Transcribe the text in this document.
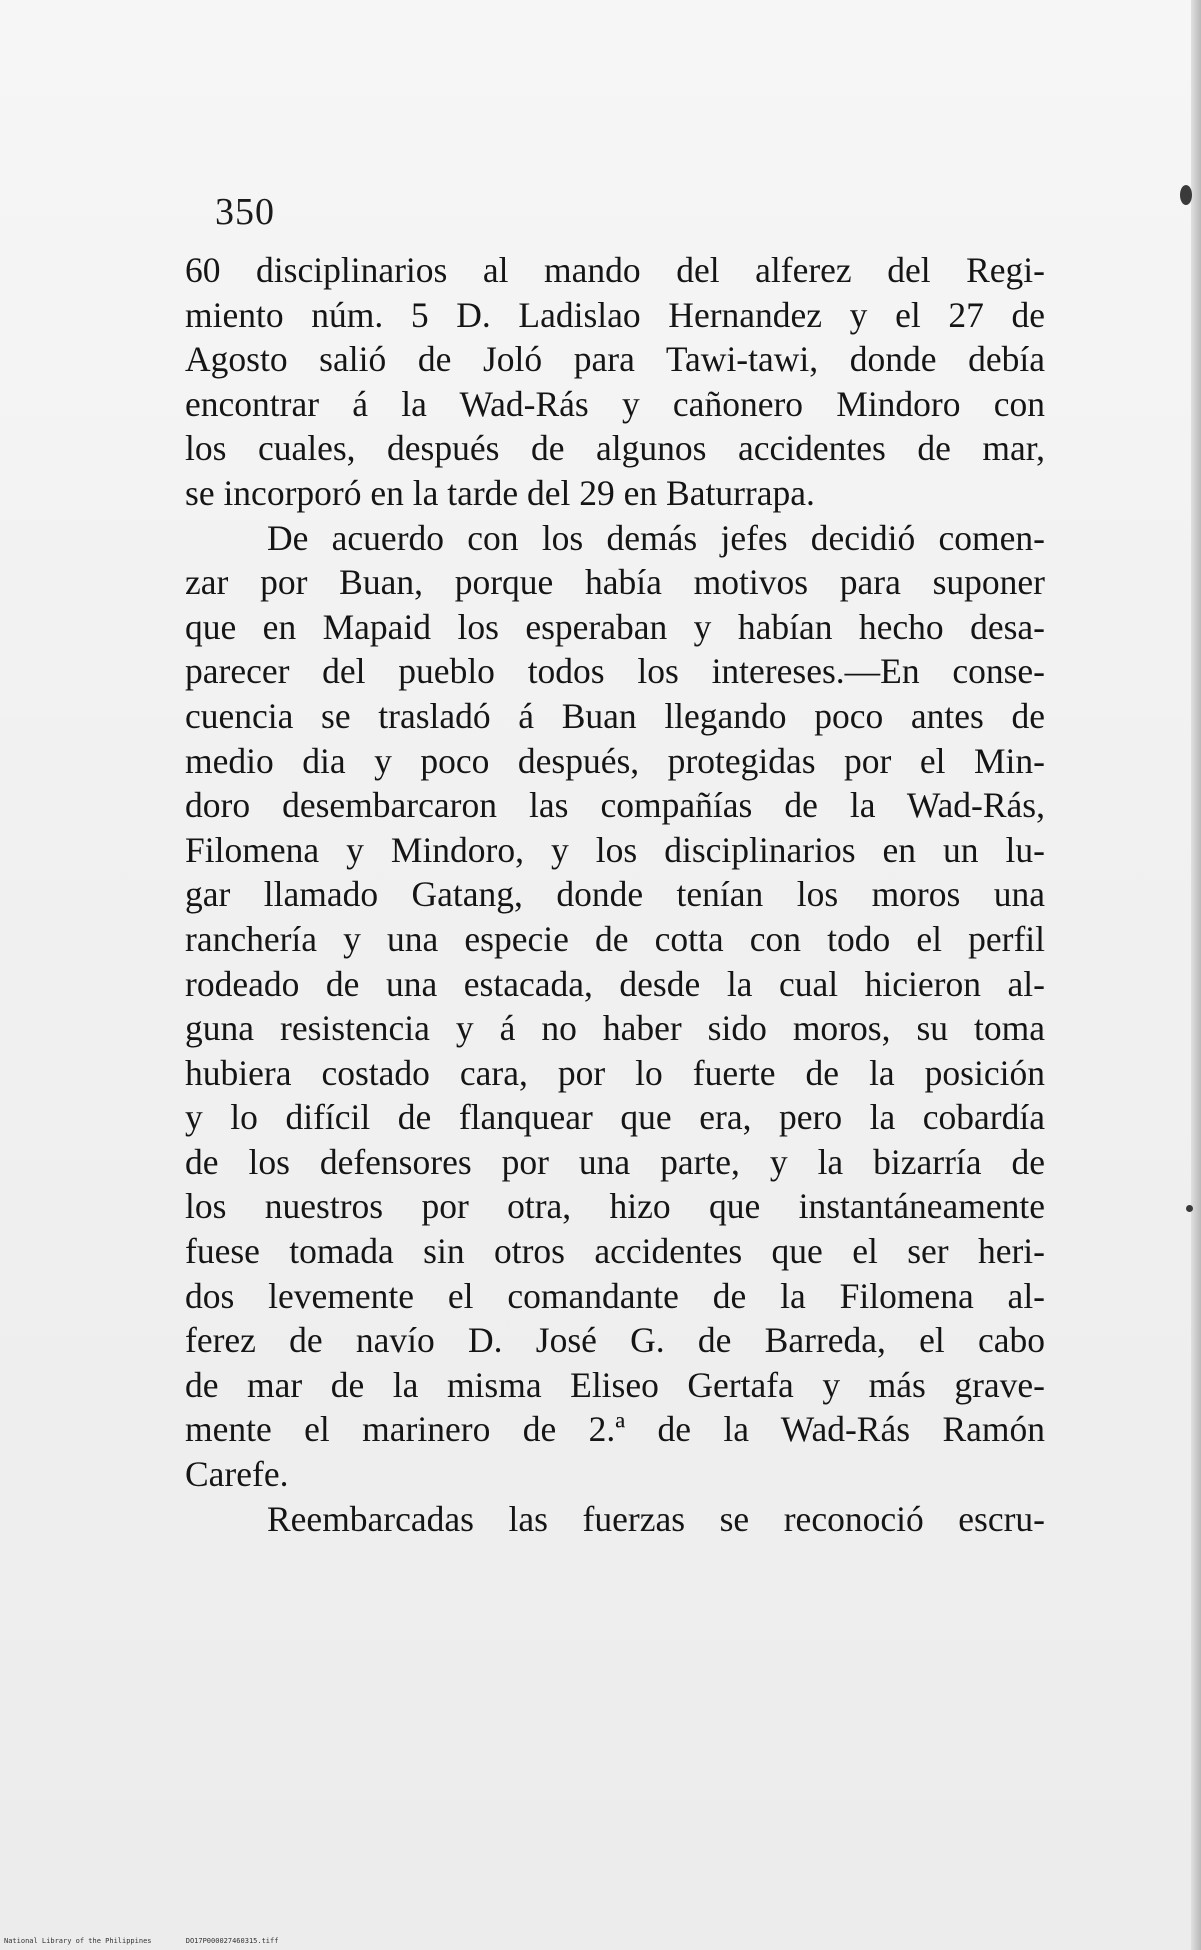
350
60 disciplinarios al mando del alferez del Regi-
miento núm. 5 D. Ladislao Hernandez y el 27 de
Agosto salió de Joló para Tawi-tawi, donde debía
encontrar á la Wad-Rás y cañonero Mindoro con
los cuales, después de algunos accidentes de mar,
se incorporó en la tarde del 29 en Baturrapa.
De acuerdo con los demás jefes decidió comen-
zar por Buan, porque había motivos para suponer
que en Mapaid los esperaban y habían hecho desa-
parecer del pueblo todos los intereses.—En conse-
cuencia se trasladó á Buan llegando poco antes de
medio dia y poco después, protegidas por el Min-
doro desembarcaron las compañías de la Wad-Rás,
Filomena y Mindoro, y los disciplinarios en un lu-
gar llamado Gatang, donde tenían los moros una
ranchería y una especie de cotta con todo el perfil
rodeado de una estacada, desde la cual hicieron al-
guna resistencia y á no haber sido moros, su toma
hubiera costado cara, por lo fuerte de la posición
y lo difícil de flanquear que era, pero la cobardía
de los defensores por una parte, y la bizarría de
los nuestros por otra, hizo que instantáneamente
fuese tomada sin otros accidentes que el ser heri-
dos levemente el comandante de la Filomena al-
ferez de navío D. José G. de Barreda, el cabo
de mar de la misma Eliseo Gertafa y más grave-
mente el marinero de 2.ª de la Wad-Rás Ramón
Carefe.
Reembarcadas las fuerzas se reconoció escru-
National Library of the Philippines	DO17P000027460315.tiff
